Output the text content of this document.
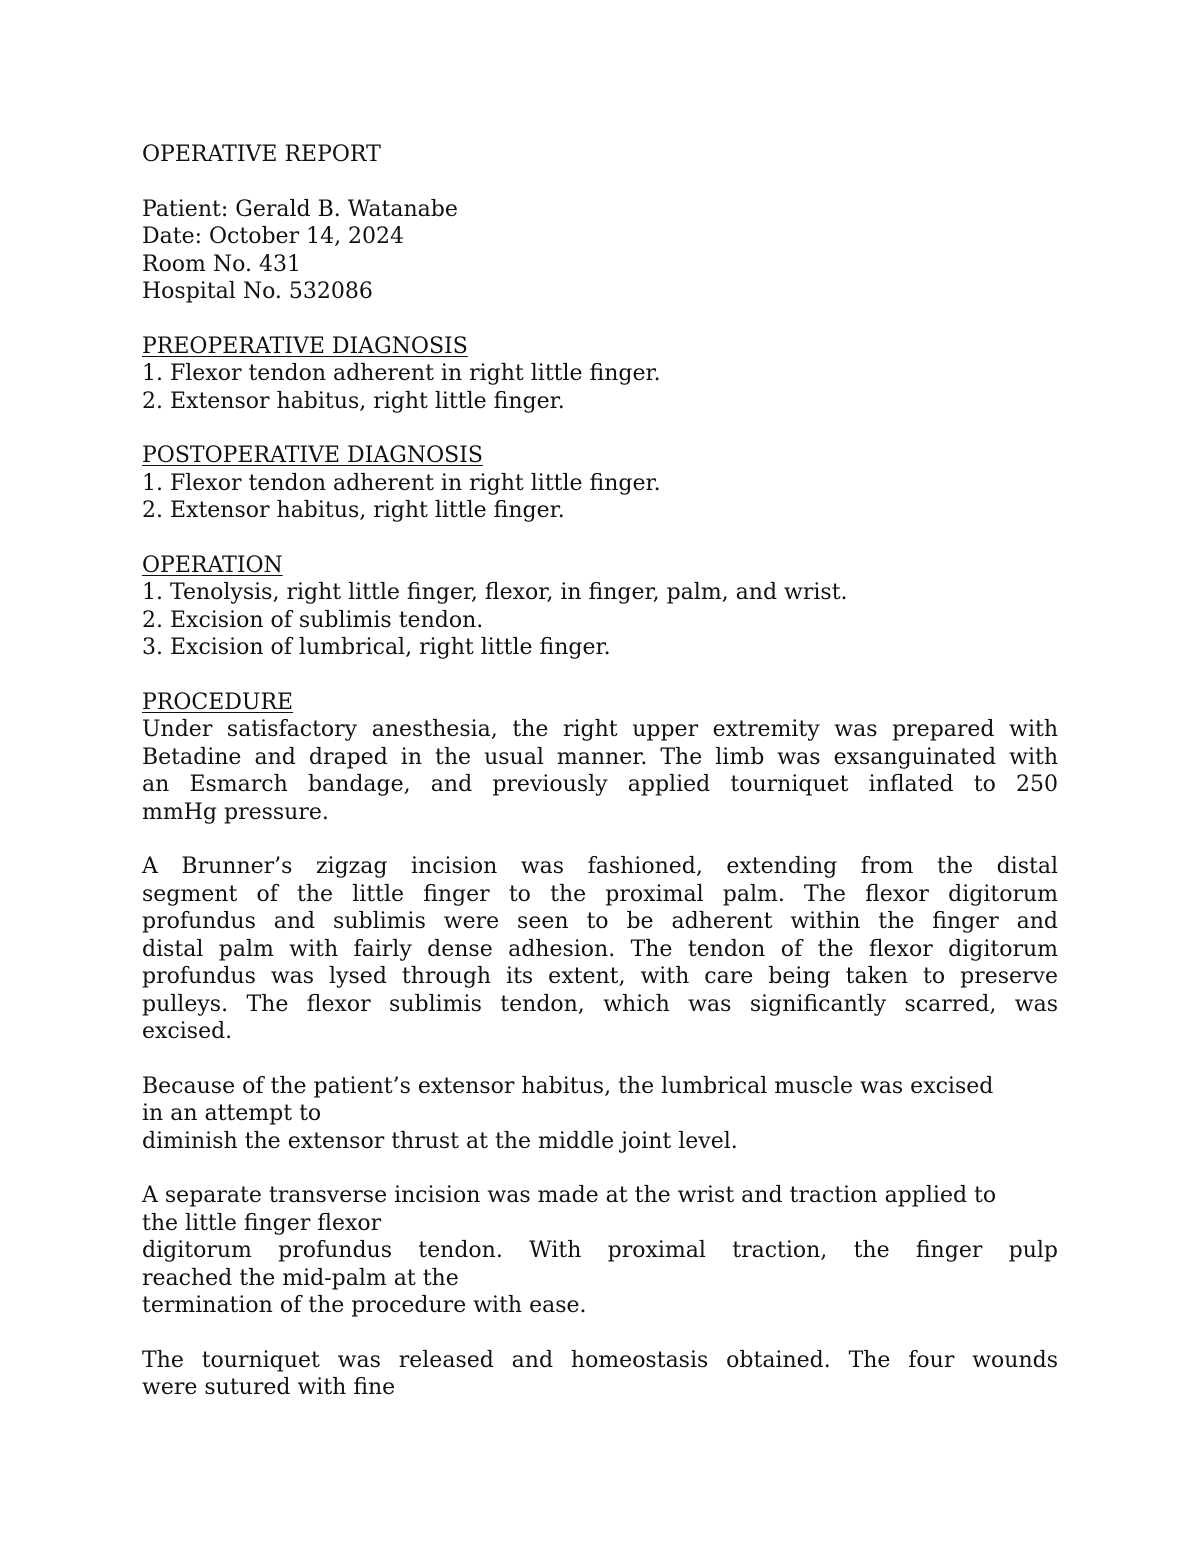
OPERATIVE REPORT
Patient: Gerald B. Watanabe
Date: October 14, 2024
Room No. 431
Hospital No. 532086
PREOPERATIVE DIAGNOSIS
1. Flexor tendon adherent in right little finger.
2. Extensor habitus, right little finger.
POSTOPERATIVE DIAGNOSIS
1. Flexor tendon adherent in right little finger.
2. Extensor habitus, right little finger.
OPERATION
1. Tenolysis, right little finger, flexor, in finger, palm, and wrist.
2. Excision of sublimis tendon.
3. Excision of lumbrical, right little finger.
PROCEDURE
Under satisfactory anesthesia, the right upper extremity was prepared with
Betadine and draped in the usual manner. The limb was exsanguinated with
an Esmarch bandage, and previously applied tourniquet inflated to 250
mmHg pressure.
A Brunner’s zigzag incision was fashioned, extending from the distal
segment of the little finger to the proximal palm. The flexor digitorum
profundus and sublimis were seen to be adherent within the finger and
distal palm with fairly dense adhesion. The tendon of the flexor digitorum
profundus was lysed through its extent, with care being taken to preserve
pulleys. The flexor sublimis tendon, which was significantly scarred, was
excised.
Because of the patient’s extensor habitus, the lumbrical muscle was excised
in an attempt to
diminish the extensor thrust at the middle joint level.
A separate transverse incision was made at the wrist and traction applied to
the little finger flexor
digitorum profundus tendon. With proximal traction, the finger pulp
reached the mid-palm at the
termination of the procedure with ease.
The tourniquet was released and homeostasis obtained. The four wounds
were sutured with fine
